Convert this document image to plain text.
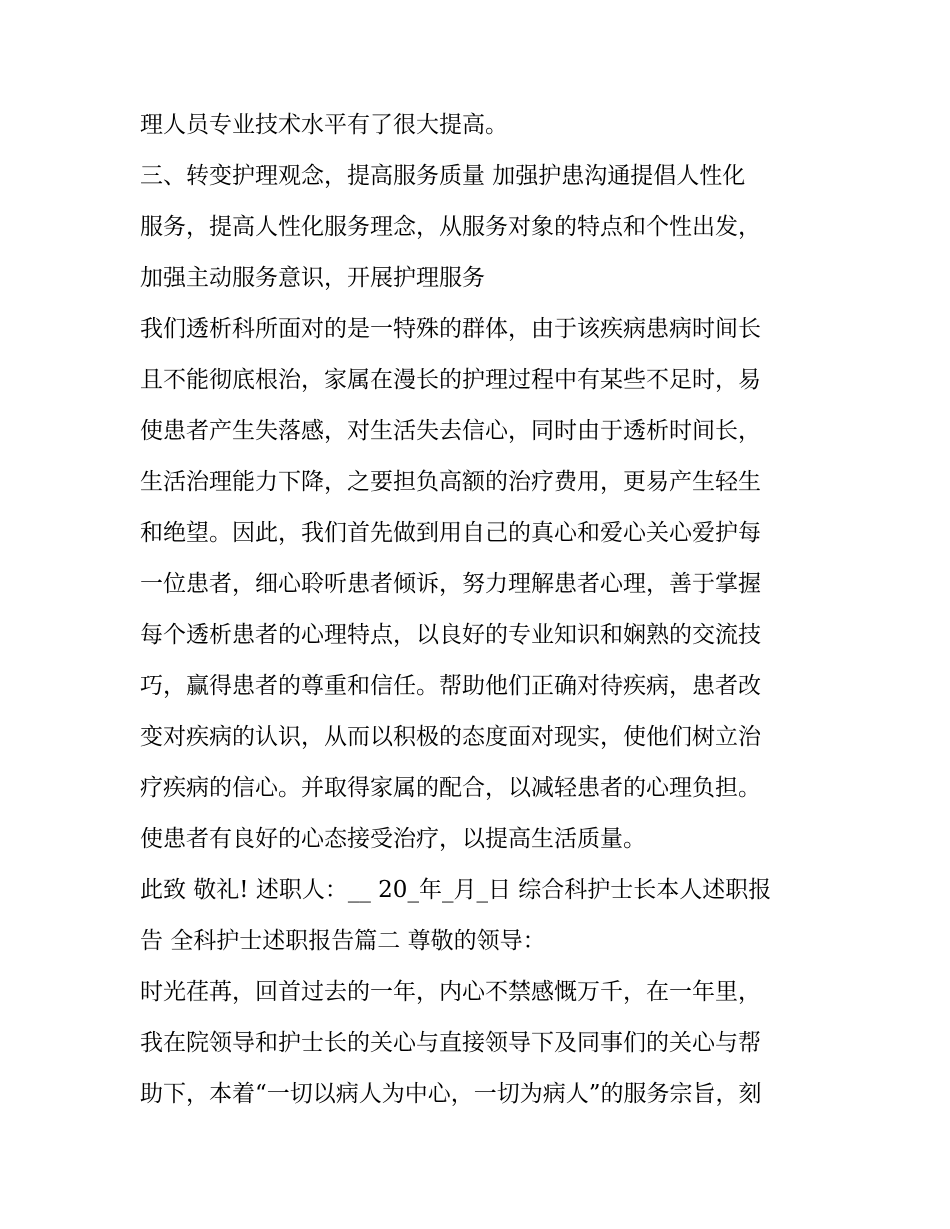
理人员专业技术水平有了很大提高。
三、转变护理观念，提高服务质量 加强护患沟通提倡人性化
服务，提高人性化服务理念，从服务对象的特点和个性出发，
加强主动服务意识，开展护理服务
我们透析科所面对的是一特殊的群体，由于该疾病患病时间长
且不能彻底根治，家属在漫长的护理过程中有某些不足时，易
使患者产生失落感，对生活失去信心，同时由于透析时间长，
生活治理能力下降，之要担负高额的治疗费用，更易产生轻生
和绝望。因此，我们首先做到用自己的真心和爱心关心爱护每
一位患者，细心聆听患者倾诉，努力理解患者心理，善于掌握
每个透析患者的心理特点，以良好的专业知识和娴熟的交流技
巧，赢得患者的尊重和信任。帮助他们正确对待疾病，患者改
变对疾病的认识，从而以积极的态度面对现实，使他们树立治
疗疾病的信心。并取得家属的配合，以减轻患者的心理负担。
使患者有良好的心态接受治疗，以提高生活质量。
此致 敬礼! 述职人：__ 20_年_月_日 综合科护士长本人述职报
告 全科护士述职报告篇二 尊敬的领导：
时光荏苒，回首过去的一年，内心不禁感慨万千，在一年里，
我在院领导和护士长的关心与直接领导下及同事们的关心与帮
助下，本着“一切以病人为中心，一切为病人”的服务宗旨，刻
